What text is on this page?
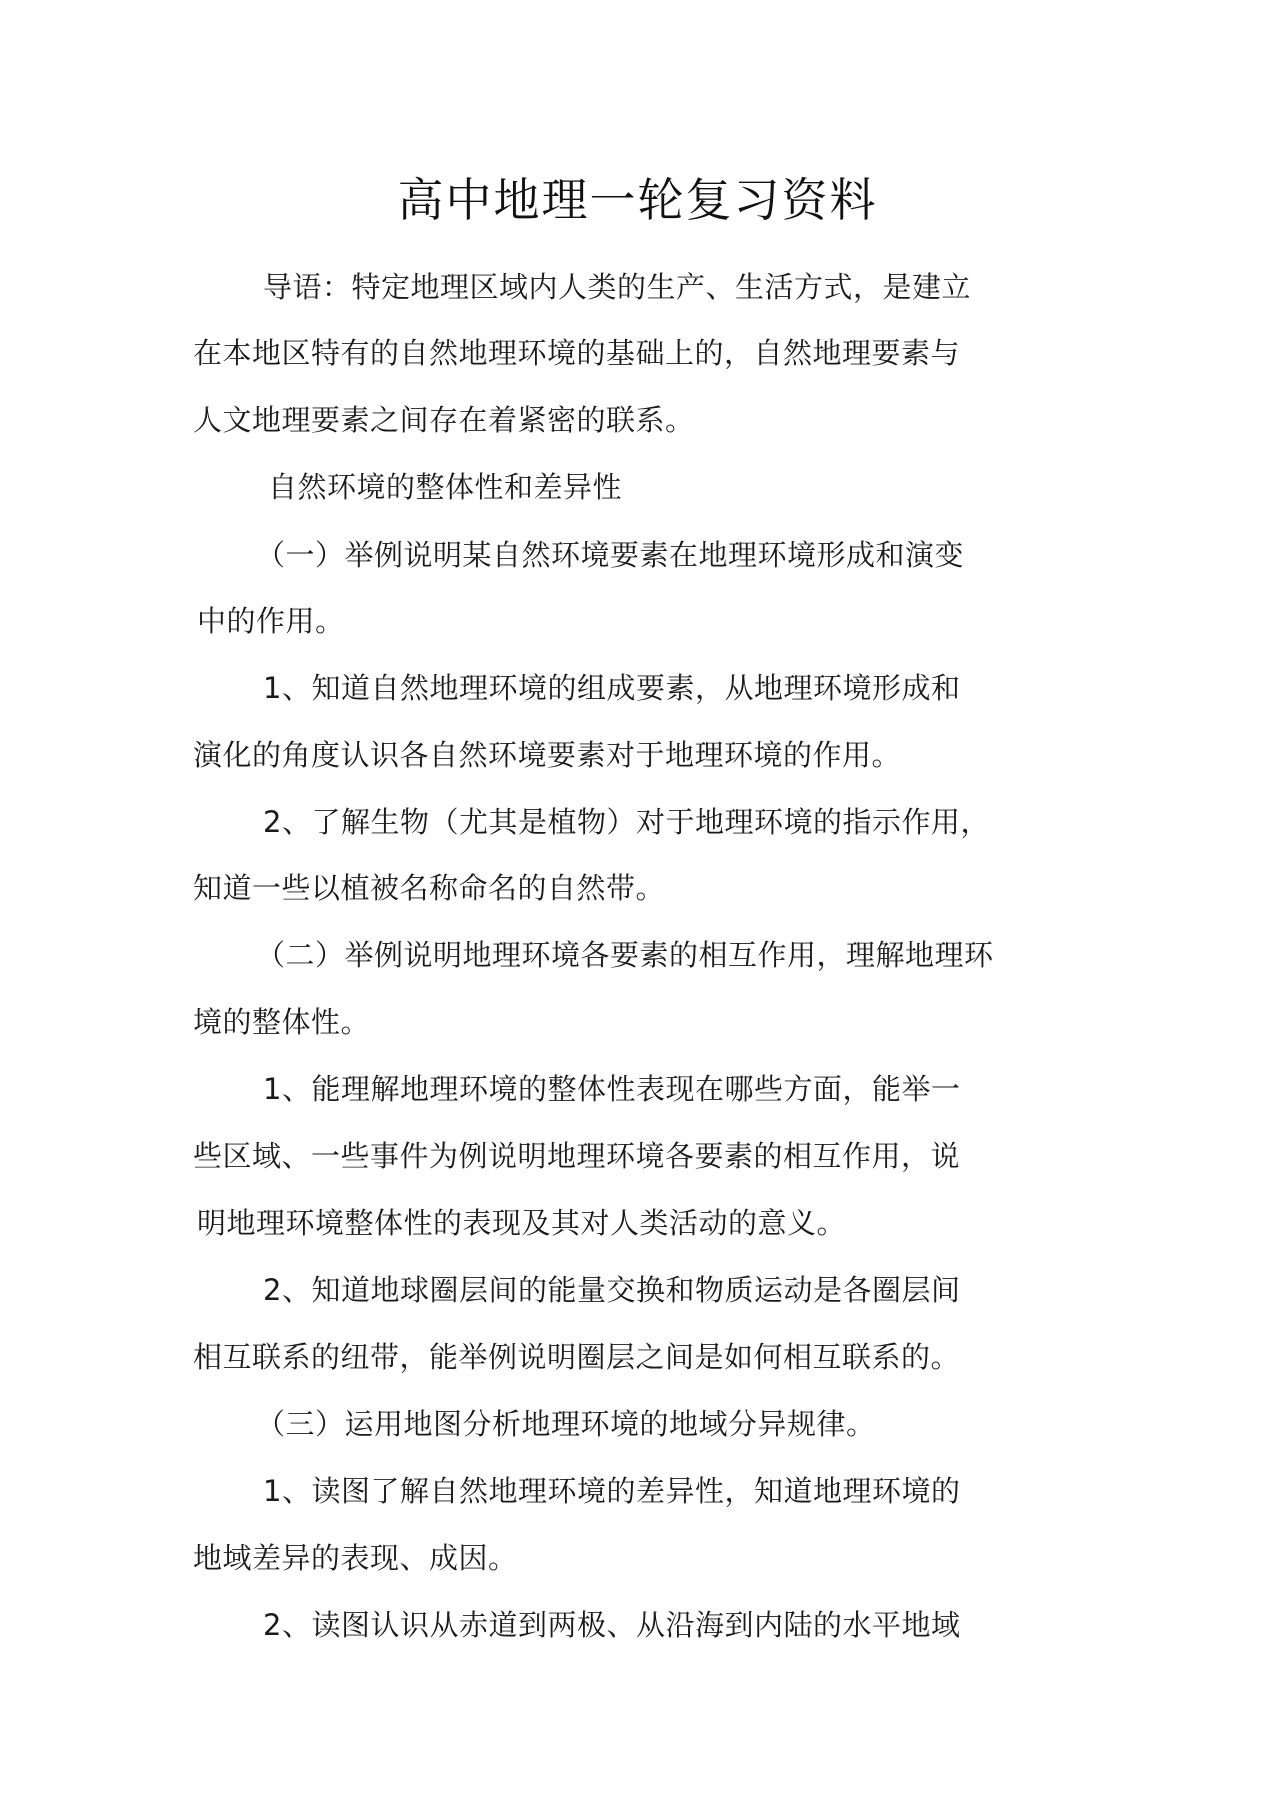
高中地理一轮复习资料
导语：特定地理区域内人类的生产、生活方式，是建立
在本地区特有的自然地理环境的基础上的，自然地理要素与
人文地理要素之间存在着紧密的联系。
自然环境的整体性和差异性
（一）举例说明某自然环境要素在地理环境形成和演变
中的作用。
1、知道自然地理环境的组成要素，从地理环境形成和
演化的角度认识各自然环境要素对于地理环境的作用。
2、了解生物（尤其是植物）对于地理环境的指示作用，
知道一些以植被名称命名的自然带。
（二）举例说明地理环境各要素的相互作用，理解地理环
境的整体性。
1、能理解地理环境的整体性表现在哪些方面，能举一
些区域、一些事件为例说明地理环境各要素的相互作用，说
明地理环境整体性的表现及其对人类活动的意义。
2、知道地球圈层间的能量交换和物质运动是各圈层间
相互联系的纽带，能举例说明圈层之间是如何相互联系的。
（三）运用地图分析地理环境的地域分异规律。
1、读图了解自然地理环境的差异性，知道地理环境的
地域差异的表现、成因。
2、读图认识从赤道到两极、从沿海到内陆的水平地域
